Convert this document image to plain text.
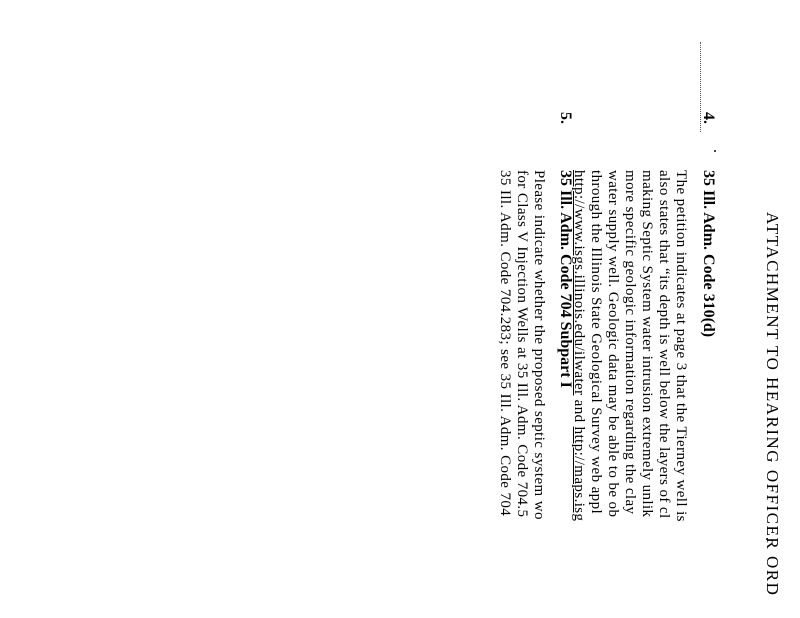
ATTACHMENT TO HEARING OFFICER ORD
4.
35 Ill. Adm. Code 310(d)
The petition indicates at page 3 that the Tierney well is
also states that “its depth is well below the layers of cl
making Septic System water intrusion extremely unlik
more specific geologic information regarding the clay
water supply well. Geologic data may be able to be ob
through the Illinois State Geological Survey web appl
http://www.isgs.illinois.edu/ilwater and http://maps.isg
5.
35 Ill. Adm. Code 704 Subpart I
Please indicate whether the proposed septic system wo
for Class V Injection Wells at 35 Ill. Adm. Code 704.5
35 Ill. Adm. Code 704.283; see 35 Ill. Adm. Code 704
